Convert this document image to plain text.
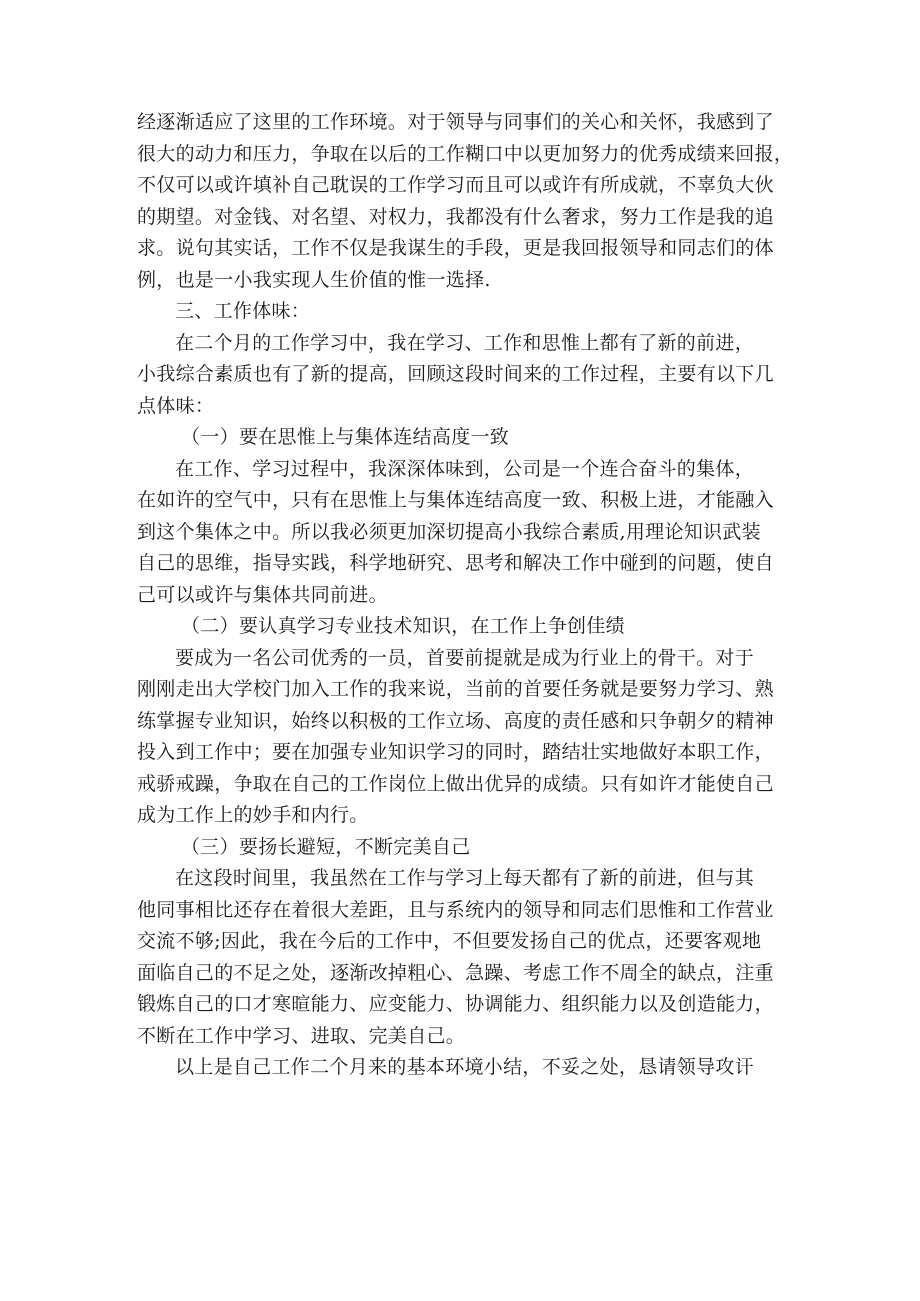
经逐渐适应了这里的工作环境。对于领导与同事们的关心和关怀，我感到了
很大的动力和压力，争取在以后的工作糊口中以更加努力的优秀成绩来回报，
不仅可以或许填补自己耽误的工作学习而且可以或许有所成就，不辜负大伙
的期望。对金钱、对名望、对权力，我都没有什么奢求，努力工作是我的追
求。说句其实话，工作不仅是我谋生的手段，更是我回报领导和同志们的体
例，也是一小我实现人生价值的惟一选择.
三、工作体味：
在二个月的工作学习中，我在学习、工作和思惟上都有了新的前进，
小我综合素质也有了新的提高，回顾这段时间来的工作过程，主要有以下几
点体味：
（一）要在思惟上与集体连结高度一致
在工作、学习过程中，我深深体味到，公司是一个连合奋斗的集体，
在如许的空气中，只有在思惟上与集体连结高度一致、积极上进，才能融入
到这个集体之中。所以我必须更加深切提高小我综合素质,用理论知识武装
自己的思维，指导实践，科学地研究、思考和解决工作中碰到的问题，使自
己可以或许与集体共同前进。
（二）要认真学习专业技术知识，在工作上争创佳绩
要成为一名公司优秀的一员，首要前提就是成为行业上的骨干。对于
刚刚走出大学校门加入工作的我来说，当前的首要任务就是要努力学习、熟
练掌握专业知识，始终以积极的工作立场、高度的责任感和只争朝夕的精神
投入到工作中；要在加强专业知识学习的同时，踏结壮实地做好本职工作，
戒骄戒躁，争取在自己的工作岗位上做出优异的成绩。只有如许才能使自己
成为工作上的妙手和内行。
（三）要扬长避短，不断完美自己
在这段时间里，我虽然在工作与学习上每天都有了新的前进，但与其
他同事相比还存在着很大差距，且与系统内的领导和同志们思惟和工作营业
交流不够;因此，我在今后的工作中，不但要发扬自己的优点，还要客观地
面临自己的不足之处，逐渐改掉粗心、急躁、考虑工作不周全的缺点，注重
锻炼自己的口才寒暄能力、应变能力、协调能力、组织能力以及创造能力，
不断在工作中学习、进取、完美自己。
以上是自己工作二个月来的基本环境小结，不妥之处，恳请领导攻讦
